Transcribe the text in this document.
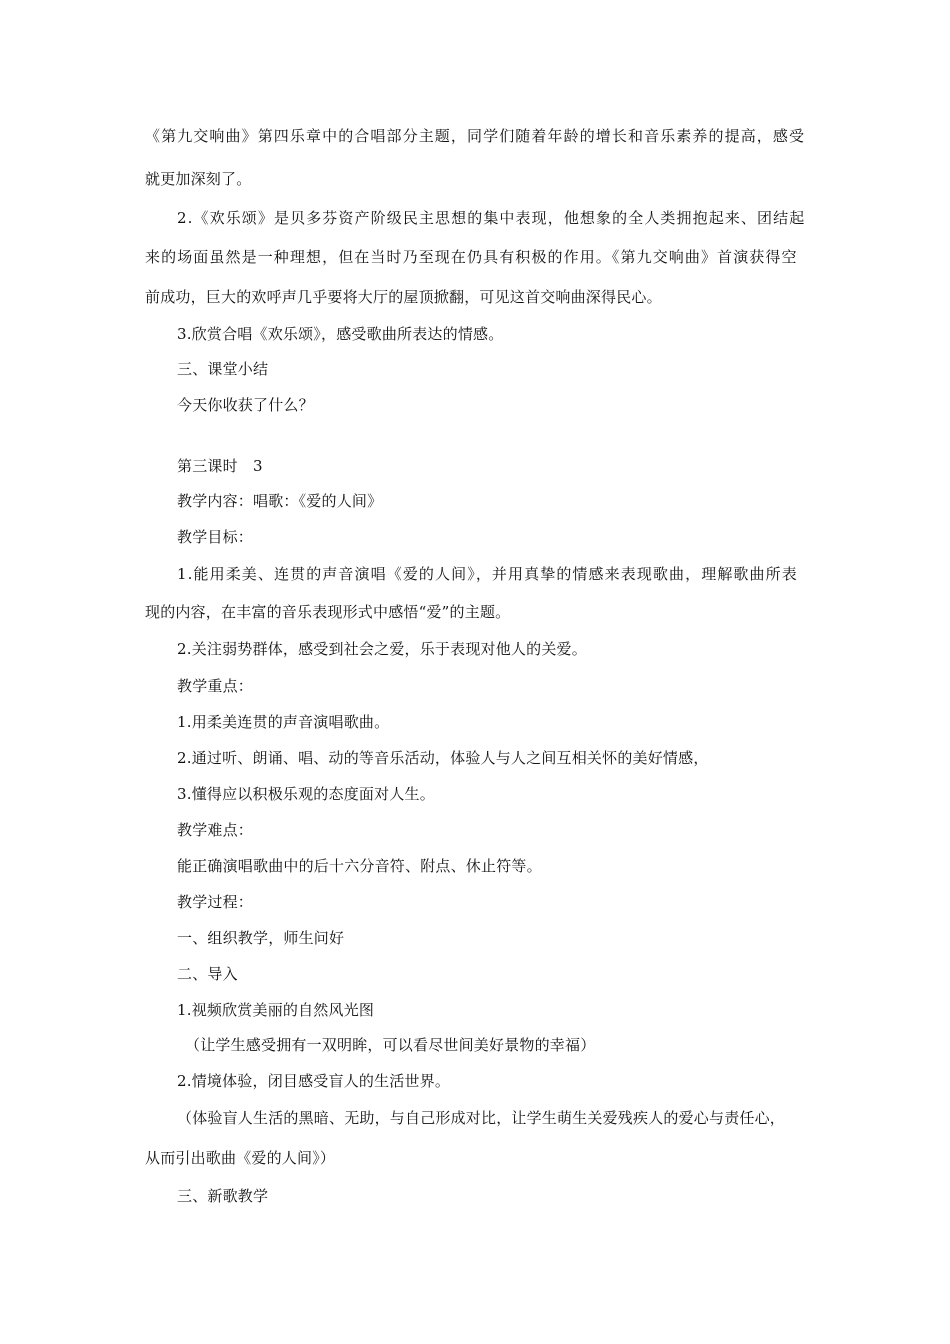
《第九交响曲》第四乐章中的合唱部分主题，同学们随着年龄的增长和音乐素养的提高，感受
就更加深刻了。
2.《欢乐颂》是贝多芬资产阶级民主思想的集中表现，他想象的全人类拥抱起来、团结起
来的场面虽然是一种理想，但在当时乃至现在仍具有积极的作用。《第九交响曲》首演获得空
前成功，巨大的欢呼声几乎要将大厅的屋顶掀翻，可见这首交响曲深得民心。
3.欣赏合唱《欢乐颂》，感受歌曲所表达的情感。
三、课堂小结
今天你收获了什么？
第三课时　3
教学内容：唱歌：《爱的人间》
教学目标：
1.能用柔美、连贯的声音演唱《爱的人间》，并用真挚的情感来表现歌曲，理解歌曲所表
现的内容，在丰富的音乐表现形式中感悟“爱”的主题。
2.关注弱势群体，感受到社会之爱，乐于表现对他人的关爱。
教学重点：
1.用柔美连贯的声音演唱歌曲。
2.通过听、朗诵、唱、动的等音乐活动，体验人与人之间互相关怀的美好情感，
3.懂得应以积极乐观的态度面对人生。
教学难点：
能正确演唱歌曲中的后十六分音符、附点、休止符等。
教学过程：
一、组织教学，师生问好
二、导入
1.视频欣赏美丽的自然风光图
（让学生感受拥有一双明眸，可以看尽世间美好景物的幸福）
2.情境体验，闭目感受盲人的生活世界。
（体验盲人生活的黑暗、无助，与自己形成对比，让学生萌生关爱残疾人的爱心与责任心，
从而引出歌曲《爱的人间》）
三、新歌教学
